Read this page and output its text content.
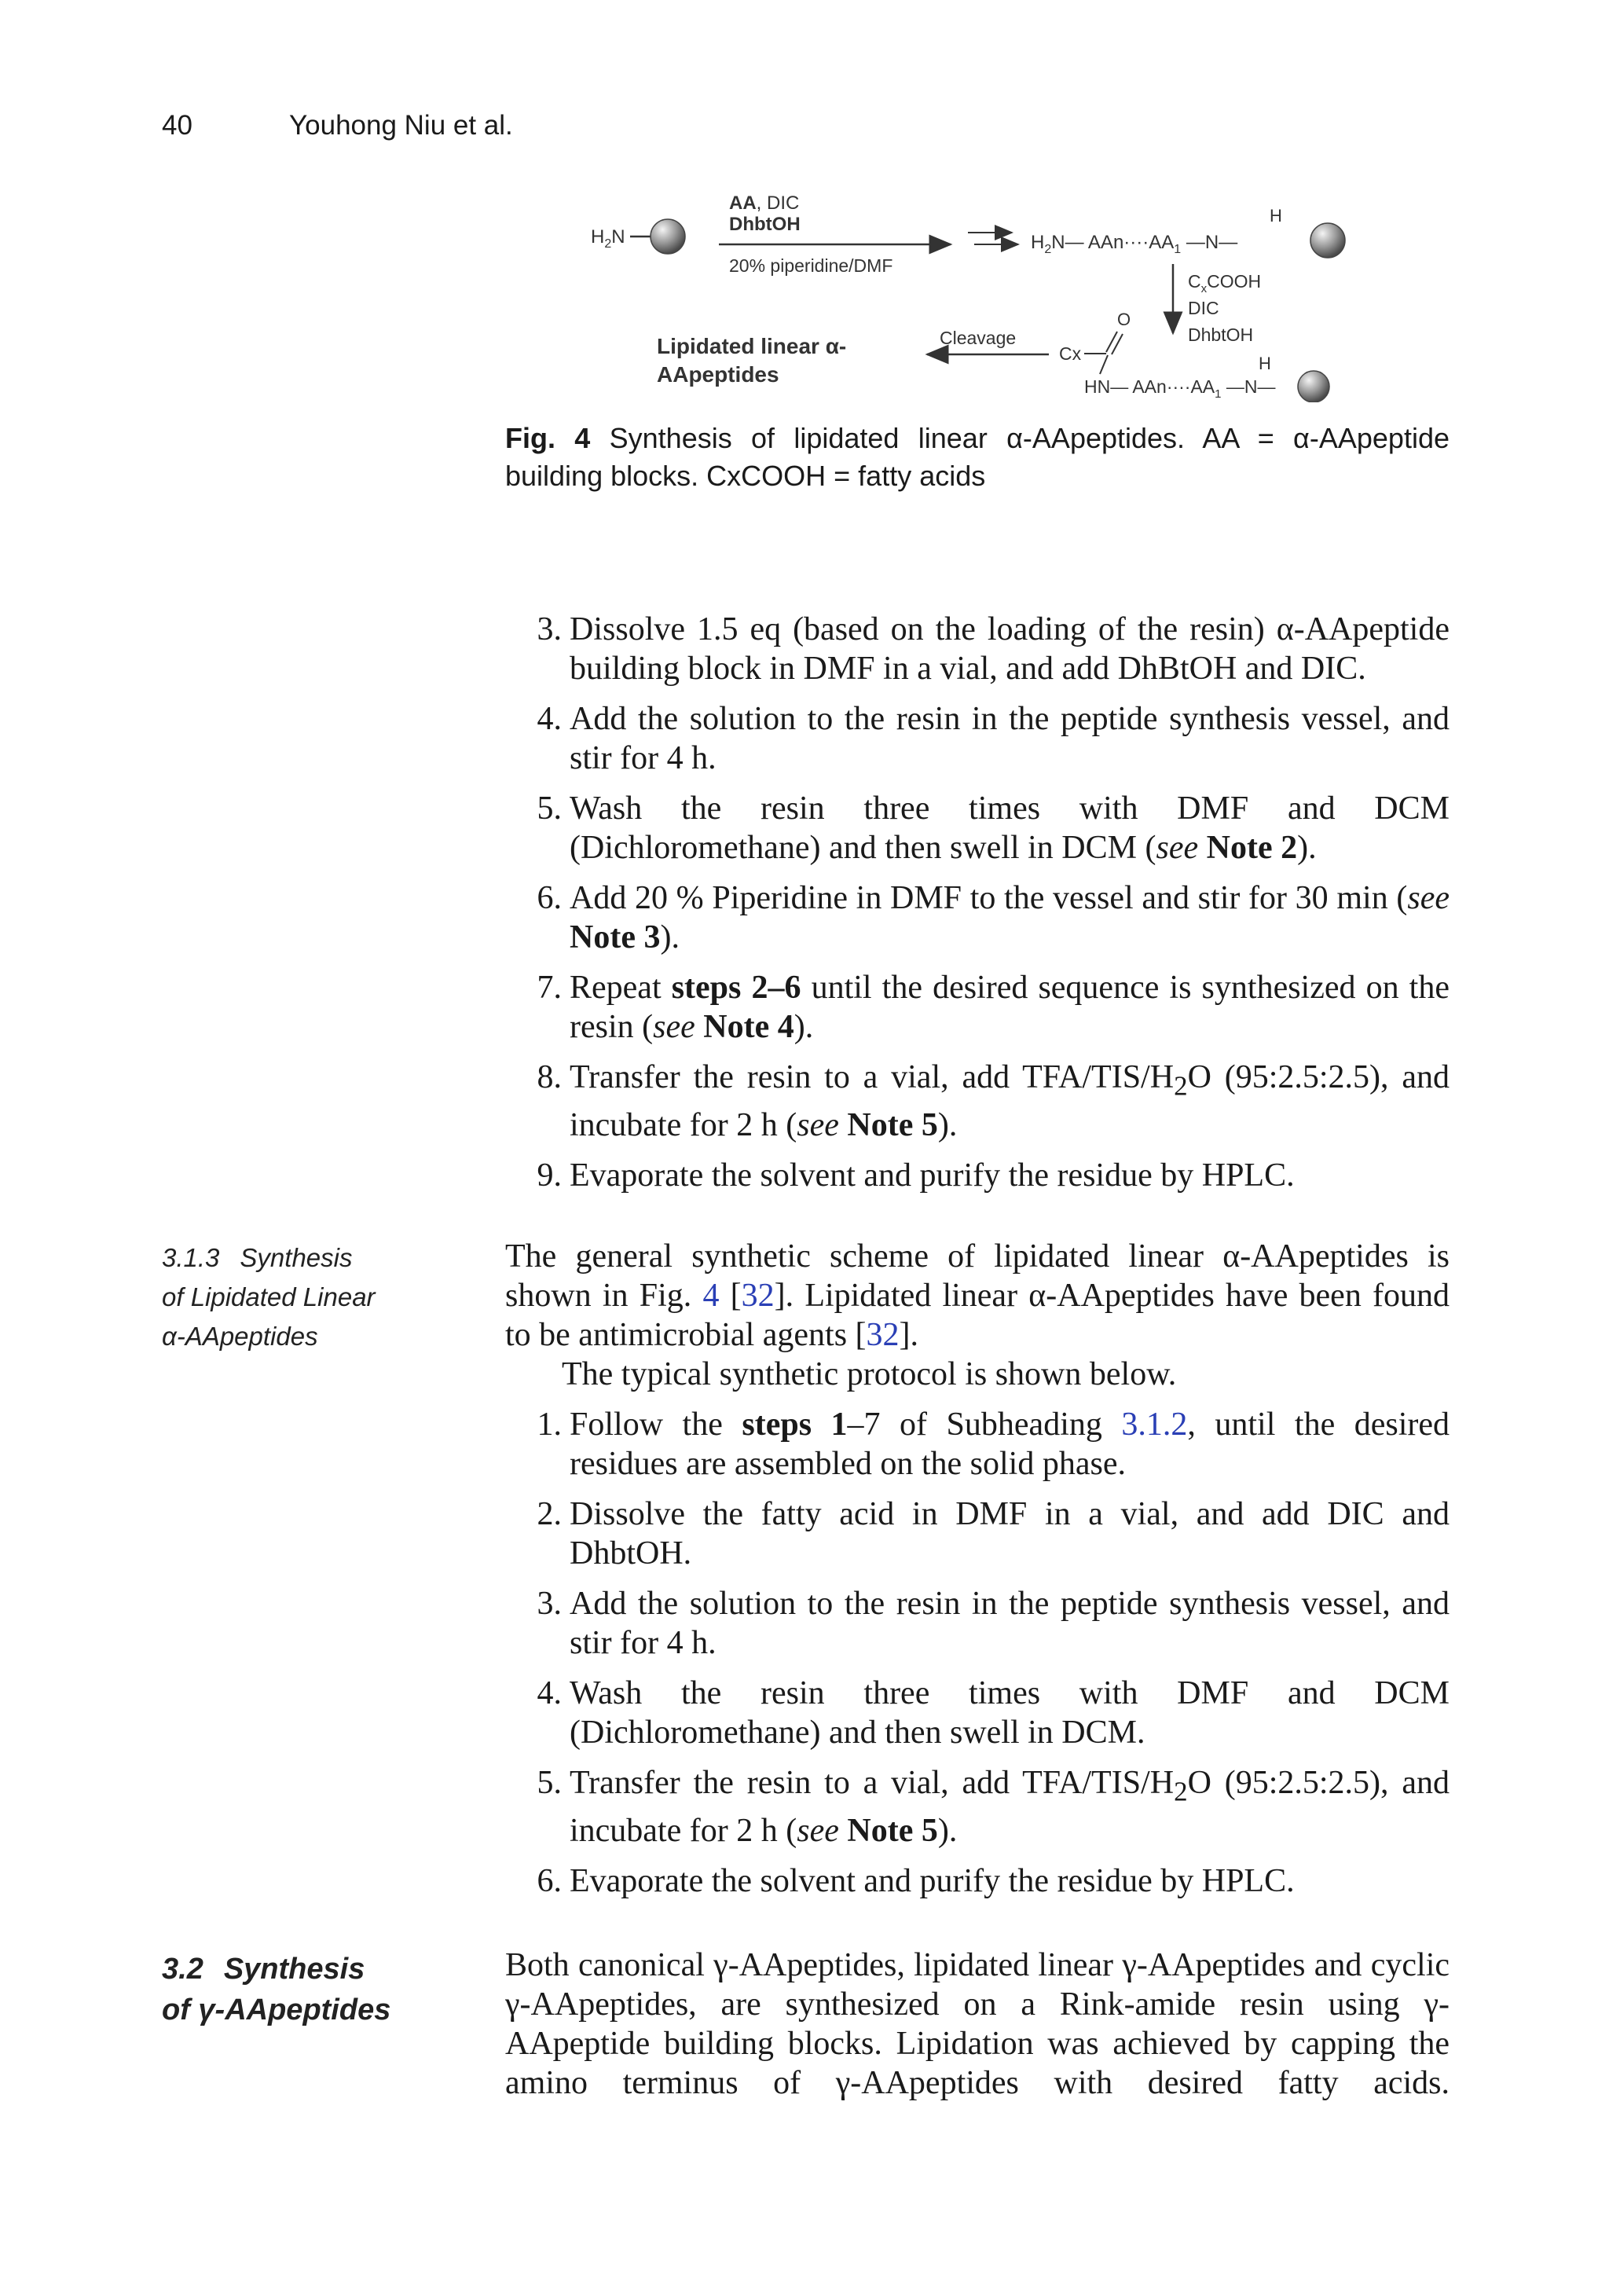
40	Youhong Niu et al.
$H_2N$
AA, DIC
DhbtOH
20% piperidine/DMF
$H_2N—$ $AAn\cdot\cdot\cdot\cdot AA_1$ —N—
H
$C_xCOOH$
DIC
DhbtOH
O
Cx
HN— $AAn\cdot\cdot\cdot\cdot AA_1$ —N—
H
Cleavage
Lipidated linear α-
AApeptides
Fig. 4 Synthesis of lipidated linear α-AApeptides. AA = α-AApeptide building blocks. CxCOOH = fatty acids
3. Dissolve 1.5 eq (based on the loading of the resin) α-AApeptide building block in DMF in a vial, and add DhBtOH and DIC.
4. Add the solution to the resin in the peptide synthesis vessel, and stir for 4 h.
5. Wash the resin three times with DMF and DCM (Dichloromethane) and then swell in DCM (see Note 2).
6. Add 20 % Piperidine in DMF to the vessel and stir for 30 min (see Note 3).
7. Repeat steps 2–6 until the desired sequence is synthesized on the resin (see Note 4).
8. Transfer the resin to a vial, add TFA/$TIS/H_2O$ (95:2.5:2.5), and incubate for 2 h (see Note 5).
9. Evaporate the solvent and purify the residue by HPLC.
3.1.3 Synthesis
of Lipidated Linear
α-AApeptides

The general synthetic scheme of lipidated linear α-AApeptides is shown in Fig. 4 [32]. Lipidated linear α-AApeptides have been found to be antimicrobial agents [32].

The typical synthetic protocol is shown below.

1. Follow the steps 1–7 of Subheading 3.1.2, until the desired residues are assembled on the solid phase.
2. Dissolve the fatty acid in DMF in a vial, and add DIC and DhbtOH.
3. Add the solution to the resin in the peptide synthesis vessel, and stir for 4 h.
4. Wash the resin three times with DMF and DCM (Dichloromethane) and then swell in DCM.
5. Transfer the resin to a vial, add TFA/$TIS/H_2O$ (95:2.5:2.5), and incubate for 2 h (see Note 5).
6. Evaporate the solvent and purify the residue by HPLC.
3.2 Synthesis
of γ-AApeptides

Both canonical γ-AApeptides, lipidated linear γ-AApeptides and cyclic γ-AApeptides, are synthesized on a Rink-amide resin using γ-AApeptide building blocks. Lipidation was achieved by capping the amino terminus of γ-AApeptides with desired fatty acids.
